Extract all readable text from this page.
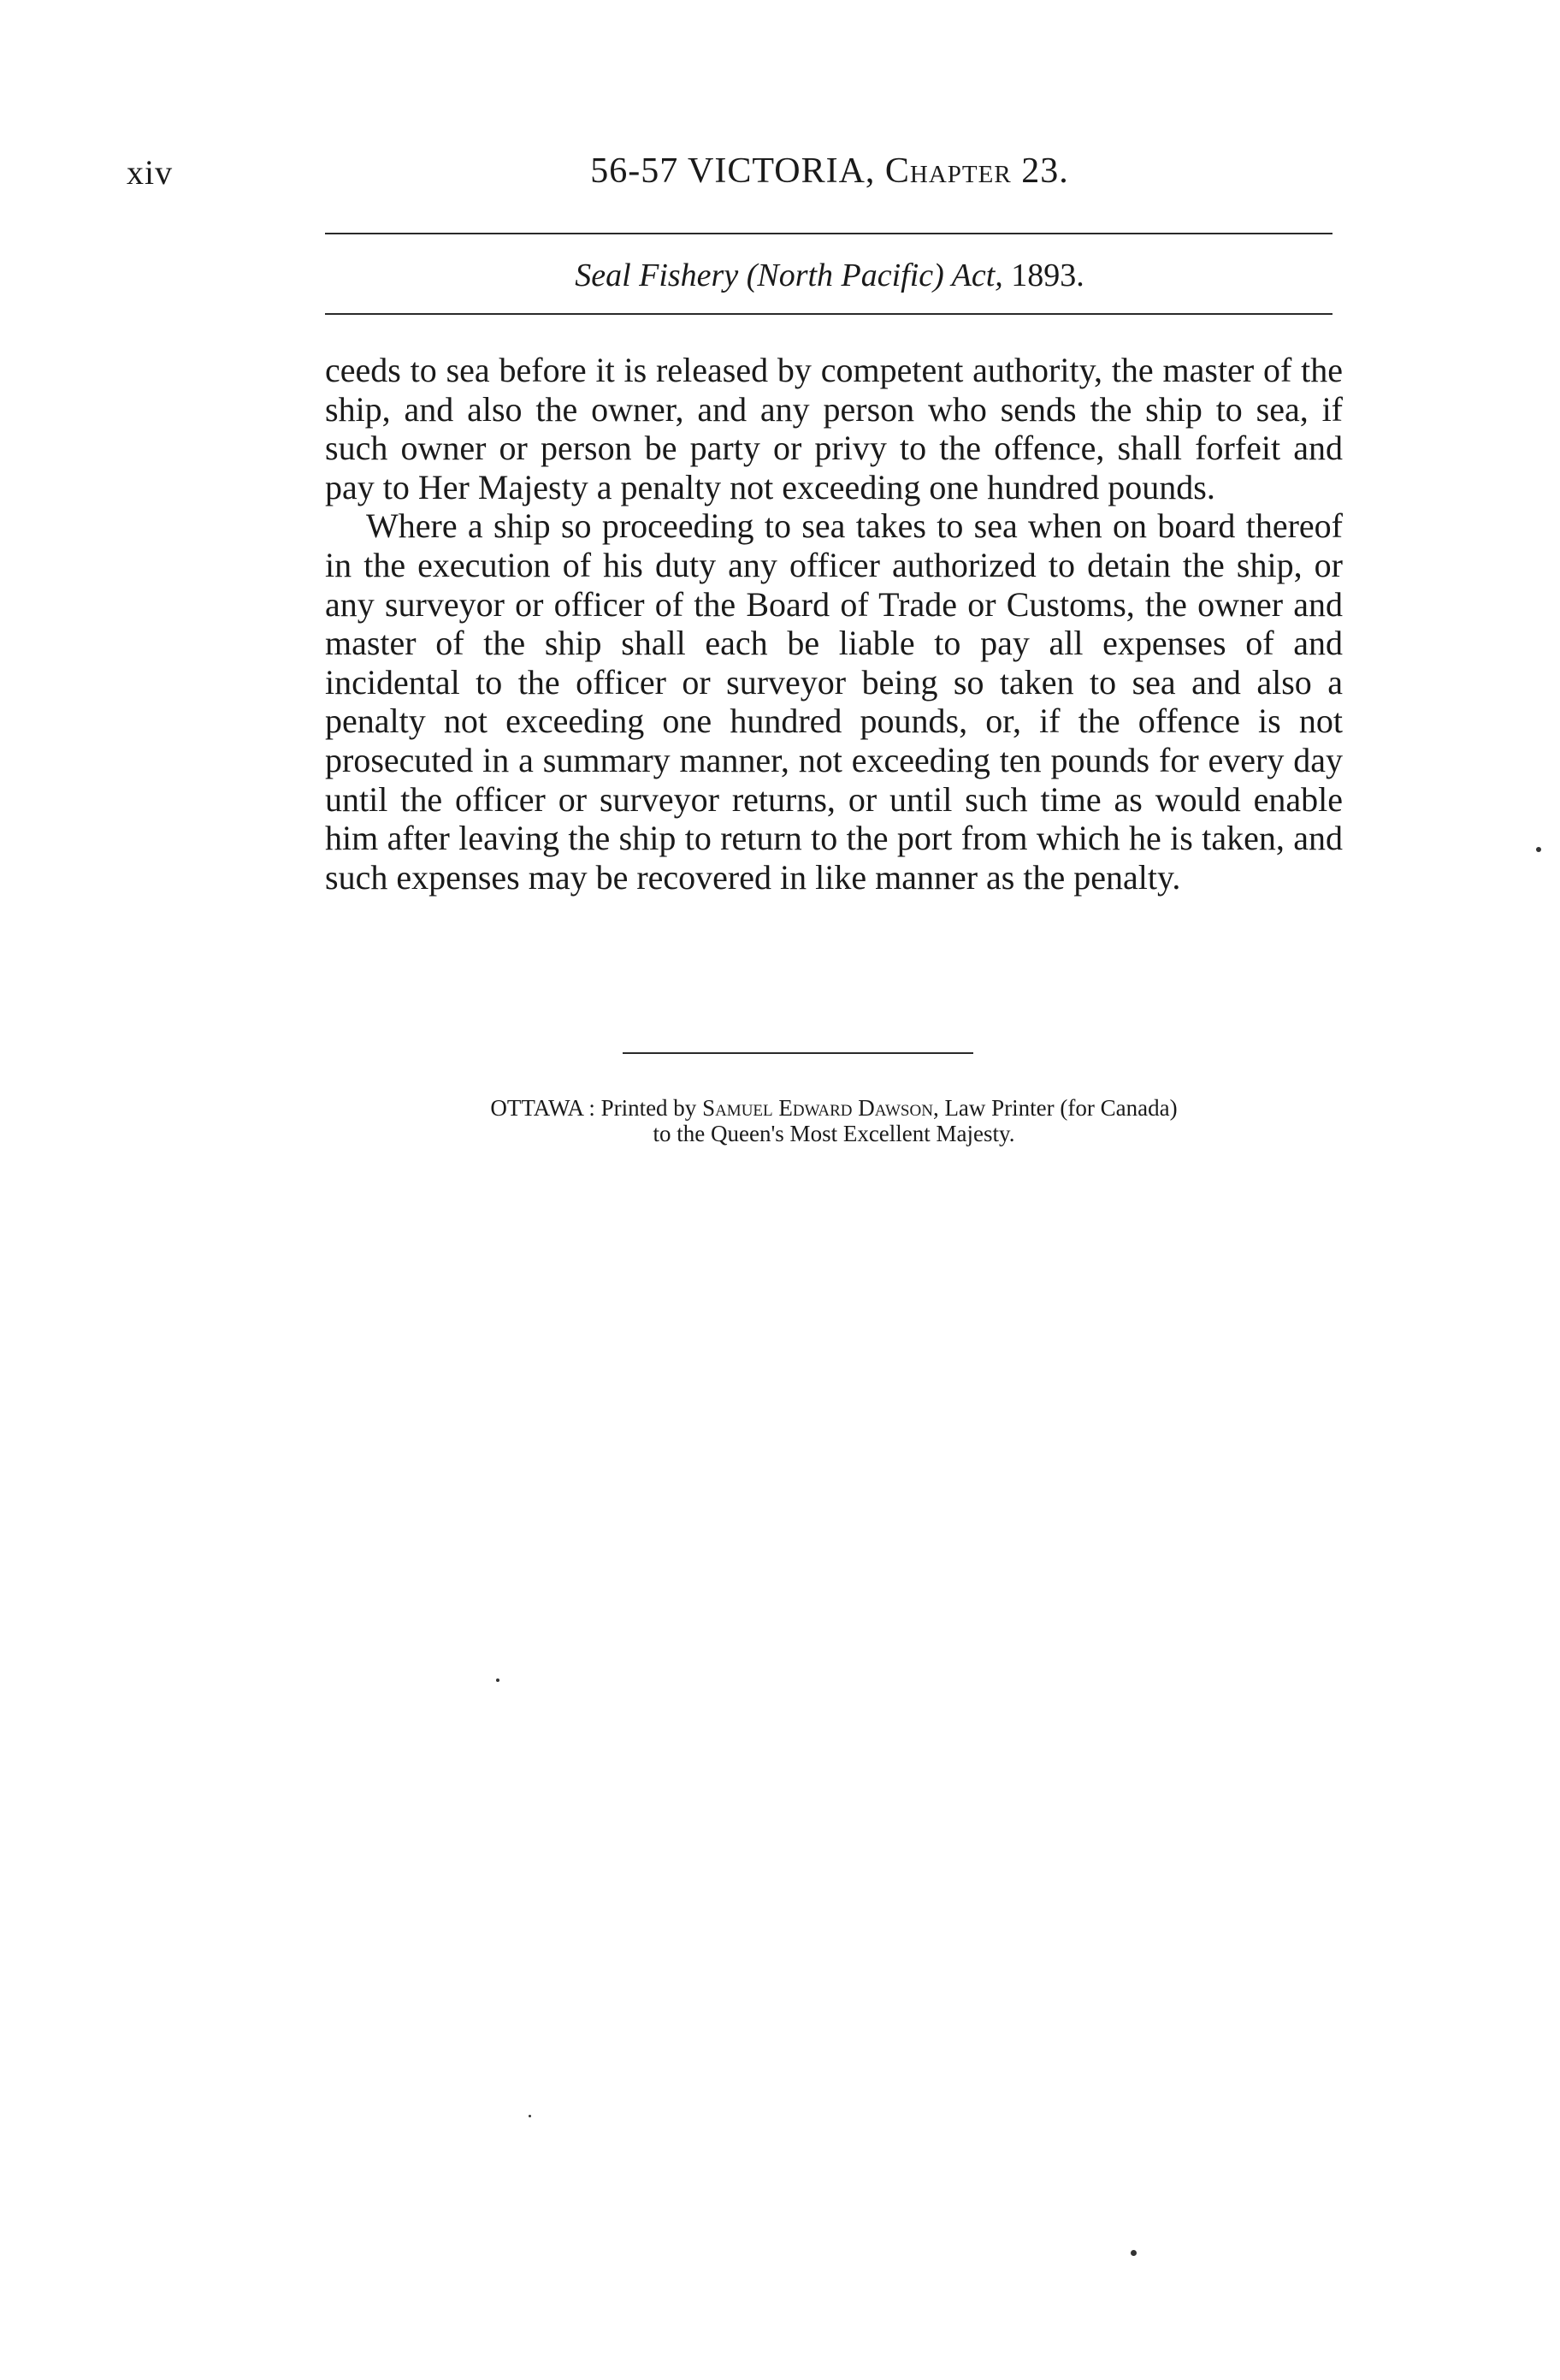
xiv	56-57 VICTORIA, Chapter 23.
Seal Fishery (North Pacific) Act, 1893.

ceeds to sea before it is released by competent authority, the master of the ship, and also the owner, and any person who sends the ship to sea, if such owner or person be party or privy to the offence, shall forfeit and pay to Her Majesty a penalty not exceeding one hundred pounds.

Where a ship so proceeding to sea takes to sea when on board thereof in the execution of his duty any officer authorized to detain the ship, or any surveyor or officer of the Board of Trade or Customs, the owner and master of the ship shall each be liable to pay all expenses of and incidental to the officer or surveyor being so taken to sea and also a penalty not exceeding one hundred pounds, or, if the offence is not prosecuted in a summary manner, not exceeding ten pounds for every day until the officer or surveyor returns, or until such time as would enable him after leaving the ship to return to the port from which he is taken, and such expenses may be recovered in like manner as the penalty.

OTTAWA : Printed by Samuel Edward Dawson, Law Printer (for Canada)
to the Queen's Most Excellent Majesty.
